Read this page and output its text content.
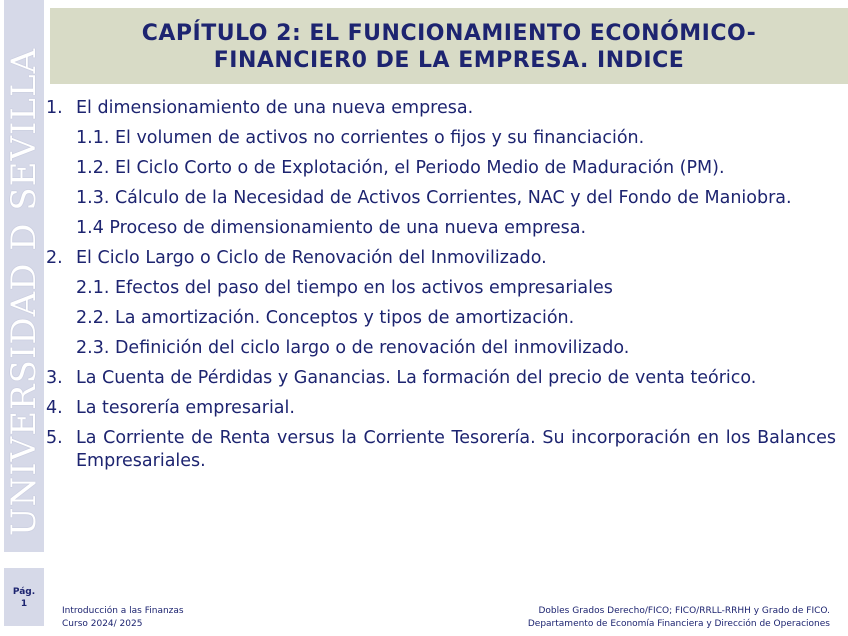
UNIVERSIDAD D SEVILLA
Pág.
1
CAPÍTULO 2: EL FUNCIONAMIENTO ECONÓMICO-
FINANCIER0 DE LA EMPRESA. INDICE
1. El dimensionamiento de una nueva empresa.
1.1. El volumen de activos no corrientes o fijos y su financiación.
1.2. El Ciclo Corto o de Explotación, el Periodo Medio de Maduración (PM).
1.3. Cálculo de la Necesidad de Activos Corrientes, NAC y del Fondo de Maniobra.
1.4 Proceso de dimensionamiento de una nueva empresa.
2. El Ciclo Largo o Ciclo de Renovación del Inmovilizado.
2.1. Efectos del paso del tiempo en los activos empresariales
2.2. La amortización. Conceptos y tipos de amortización.
2.3. Definición del ciclo largo o de renovación del inmovilizado.
3. La Cuenta de Pérdidas y Ganancias. La formación del precio de venta teórico.
4. La tesorería empresarial.
5. La Corriente de Renta versus la Corriente Tesorería. Su incorporación en los Balances Empresariales.
Introducción a las Finanzas
Curso 2024/ 2025
Dobles Grados Derecho/FICO; FICO/RRLL-RRHH y Grado de FICO.
Departamento de Economía Financiera y Dirección de Operaciones
